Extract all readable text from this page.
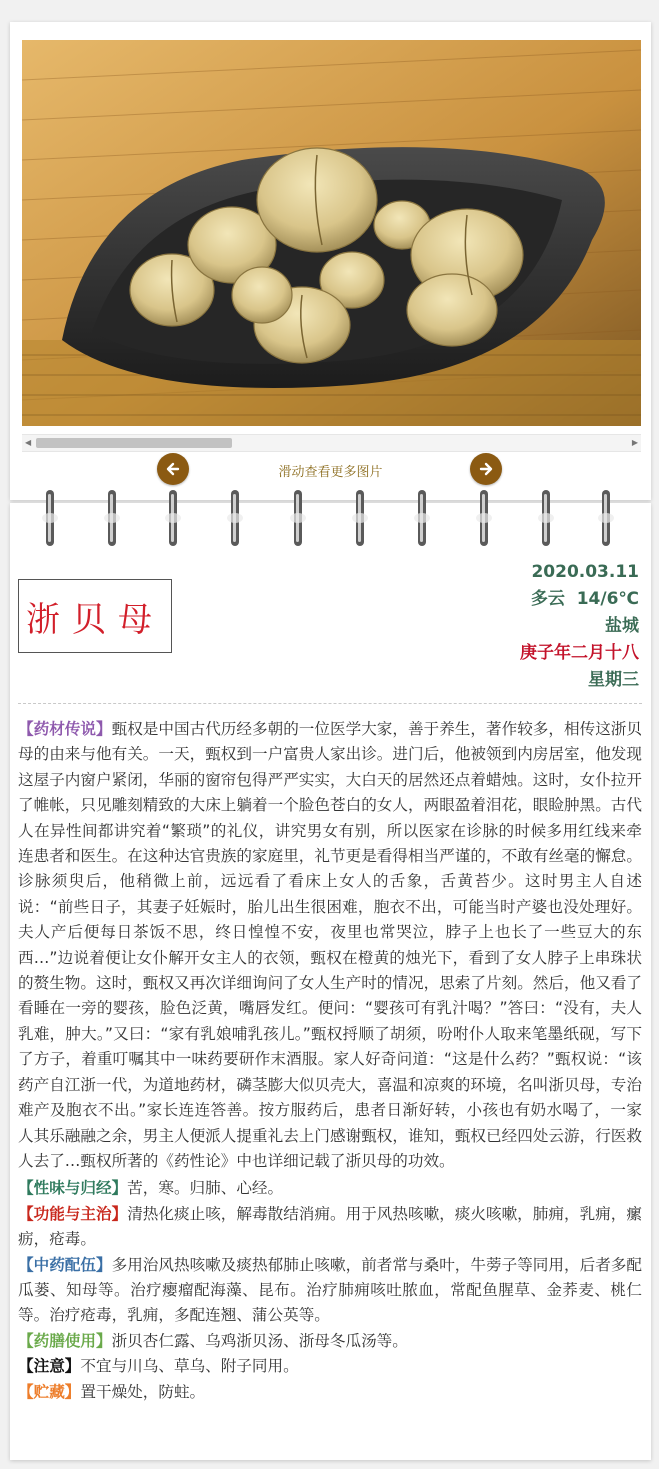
◀	▶
滑动查看更多图片
浙贝母
2020.03.11
多云  14/6℃
盐城
庚子年二月十八
星期三

【药材传说】甄权是中国古代历经多朝的一位医学大家，善于养生，著作较多，相传这浙贝母的由来与他有关。一天，甄权到一户富贵人家出诊。进门后，他被领到内房居室，他发现这屋子内窗户紧闭，华丽的窗帘包得严严实实，大白天的居然还点着蜡烛。这时，女仆拉开了帷帐，只见雕刻精致的大床上躺着一个脸色苍白的女人，两眼盈着泪花，眼睑肿黑。古代人在异性间都讲究着“繁琐”的礼仪，讲究男女有别，所以医家在诊脉的时候多用红线来牵连患者和医生。在这种达官贵族的家庭里，礼节更是看得相当严谨的，不敢有丝毫的懈怠。诊脉须臾后，他稍微上前，远远看了看床上女人的舌象，舌黄苔少。这时男主人自述说：“前些日子，其妻子妊娠时，胎儿出生很困难，胞衣不出，可能当时产婆也没处理好。夫人产后便每日茶饭不思，终日惶惶不安，夜里也常哭泣，脖子上也长了一些豆大的东西…”边说着便让女仆解开女主人的衣领，甄权在橙黄的烛光下，看到了女人脖子上串珠状的赘生物。这时，甄权又再次详细询问了女人生产时的情况，思索了片刻。然后，他又看了看睡在一旁的婴孩，脸色泛黄，嘴唇发红。便问：“婴孩可有乳汁喝？”答曰：“没有，夫人乳难，肿大。”又曰：“家有乳娘哺乳孩儿。”甄权捋顺了胡须，吩咐仆人取来笔墨纸砚，写下了方子，着重叮嘱其中一味药要研作末酒服。家人好奇问道：“这是什么药？”甄权说：“该药产自江浙一代，为道地药材，磷茎膨大似贝壳大，喜温和凉爽的环境，名叫浙贝母，专治难产及胞衣不出。”家长连连答善。按方服药后，患者日渐好转，小孩也有奶水喝了，一家人其乐融融之余，男主人便派人提重礼去上门感谢甄权，谁知，甄权已经四处云游，行医救人去了…甄权所著的《药性论》中也详细记载了浙贝母的功效。

【性味与归经】苦，寒。归肺、心经。

【功能与主治】清热化痰止咳，解毒散结消痈。用于风热咳嗽，痰火咳嗽，肺痈，乳痈，瘰疬，疮毒。

【中药配伍】多用治风热咳嗽及痰热郁肺止咳嗽，前者常与桑叶，牛蒡子等同用，后者多配瓜蒌、知母等。治疗瘿瘤配海藻、昆布。治疗肺痈咳吐脓血，常配鱼腥草、金荞麦、桃仁等。治疗疮毒，乳痈，多配连翘、蒲公英等。

【药膳使用】浙贝杏仁露、乌鸡浙贝汤、浙母冬瓜汤等。

【注意】不宜与川乌、草乌、附子同用。

【贮藏】置干燥处，防蛀。
